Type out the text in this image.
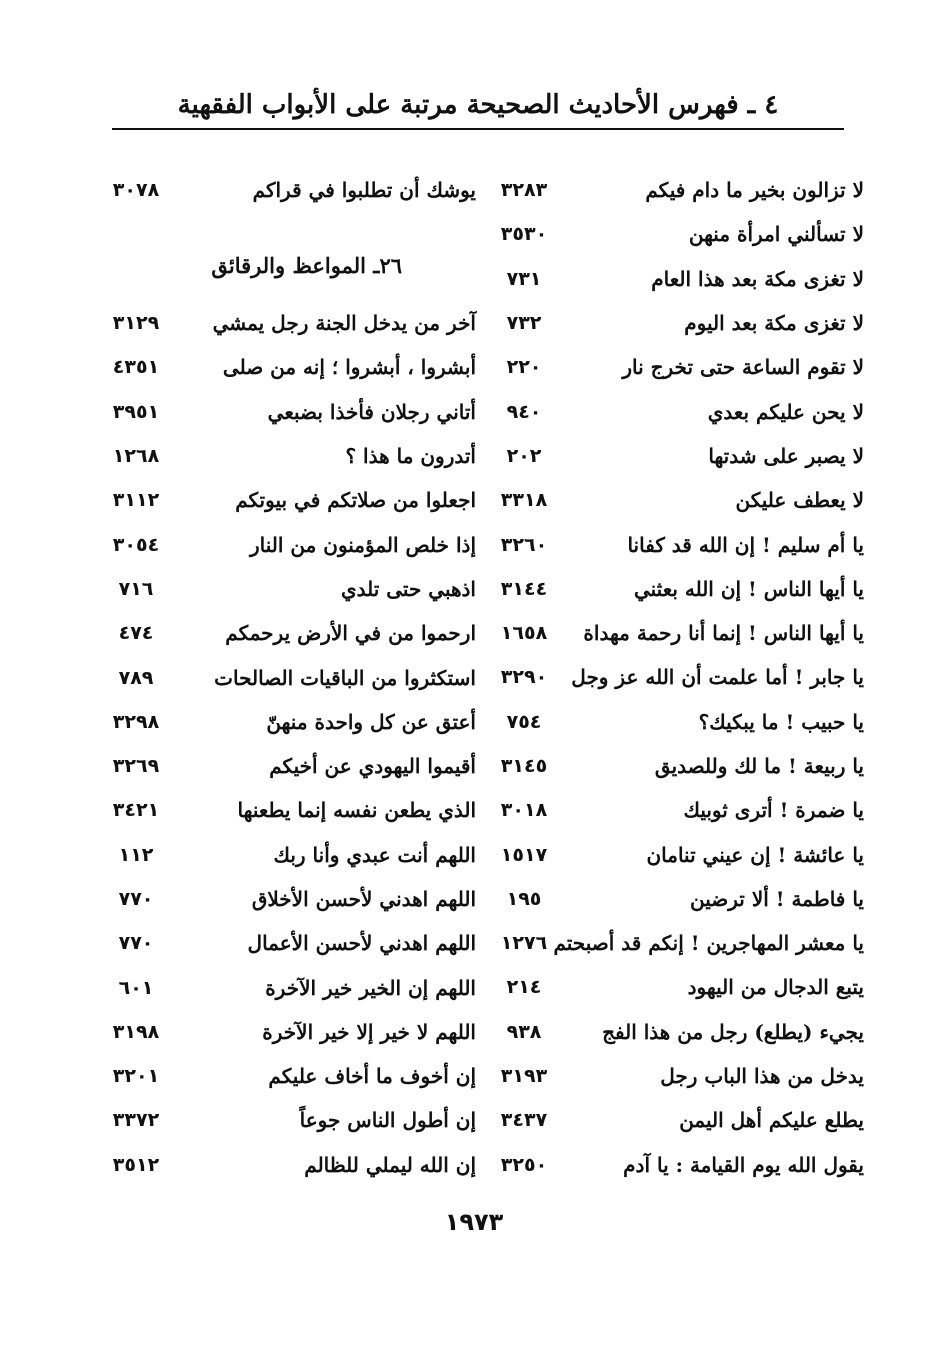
٤ ـ فهرس الأحاديث الصحيحة مرتبة على الأبواب الفقهية
لا تزالون بخير ما دام فيكم
٣٢٨٣
لا تسألني امرأة منهن
٣٥٣٠
لا تغزى مكة بعد هذا العام
٧٣١
لا تغزى مكة بعد اليوم
٧٣٢
لا تقوم الساعة حتى تخرج نار
٢٢٠
لا يحن عليكم بعدي
٩٤٠
لا يصبر على شدتها
٢٠٢
لا يعطف عليكن
٣٣١٨
يا أم سليم ! إن الله قد كفانا
٣٢٦٠
يا أيها الناس ! إن الله بعثني
٣١٤٤
يا أيها الناس ! إنما أنا رحمة مهداة
١٦٥٨
يا جابر ! أما علمت أن الله عز وجل
٣٢٩٠
يا حبيب ! ما يبكيك؟
٧٥٤
يا ربيعة ! ما لك وللصديق
٣١٤٥
يا ضمرة ! أترى ثوبيك
٣٠١٨
يا عائشة ! إن عيني تنامان
١٥١٧
يا فاطمة ! ألا ترضين
١٩٥
يا معشر المهاجرين ! إنكم قد أصبحتم
١٢٧٦
يتبع الدجال من اليهود
٢١٤
يجيء (يطلع) رجل من هذا الفج
٩٣٨
يدخل من هذا الباب رجل
٣١٩٣
يطلع عليكم أهل اليمن
٣٤٣٧
يقول الله يوم القيامة : يا آدم
٣٢٥٠
يوشك أن تطلبوا في قراكم
٣٠٧٨
٢٦ـ المواعظ والرقائق
آخر من يدخل الجنة رجل يمشي
٣١٢٩
أبشروا ، أبشروا ؛ إنه من صلى
٤٣٥١
أتاني رجلان فأخذا بضبعي
٣٩٥١
أتدرون ما هذا ؟
١٢٦٨
اجعلوا من صلاتكم في بيوتكم
٣١١٢
إذا خلص المؤمنون من النار
٣٠٥٤
اذهبي حتى تلدي
٧١٦
ارحموا من في الأرض يرحمكم
٤٧٤
استكثروا من الباقيات الصالحات
٧٨٩
أعتق عن كل واحدة منهنّ
٣٢٩٨
أقيموا اليهودي عن أخيكم
٣٢٦٩
الذي يطعن نفسه إنما يطعنها
٣٤٢١
اللهم أنت عبدي وأنا ربك
١١٢
اللهم اهدني لأحسن الأخلاق
٧٧٠
اللهم اهدني لأحسن الأعمال
٧٧٠
اللهم إن الخير خير الآخرة
٦٠١
اللهم لا خير إلا خير الآخرة
٣١٩٨
إن أخوف ما أخاف عليكم
٣٢٠١
إن أطول الناس جوعاً
٣٣٧٢
إن الله ليملي للظالم
٣٥١٢
١٩٧٣
